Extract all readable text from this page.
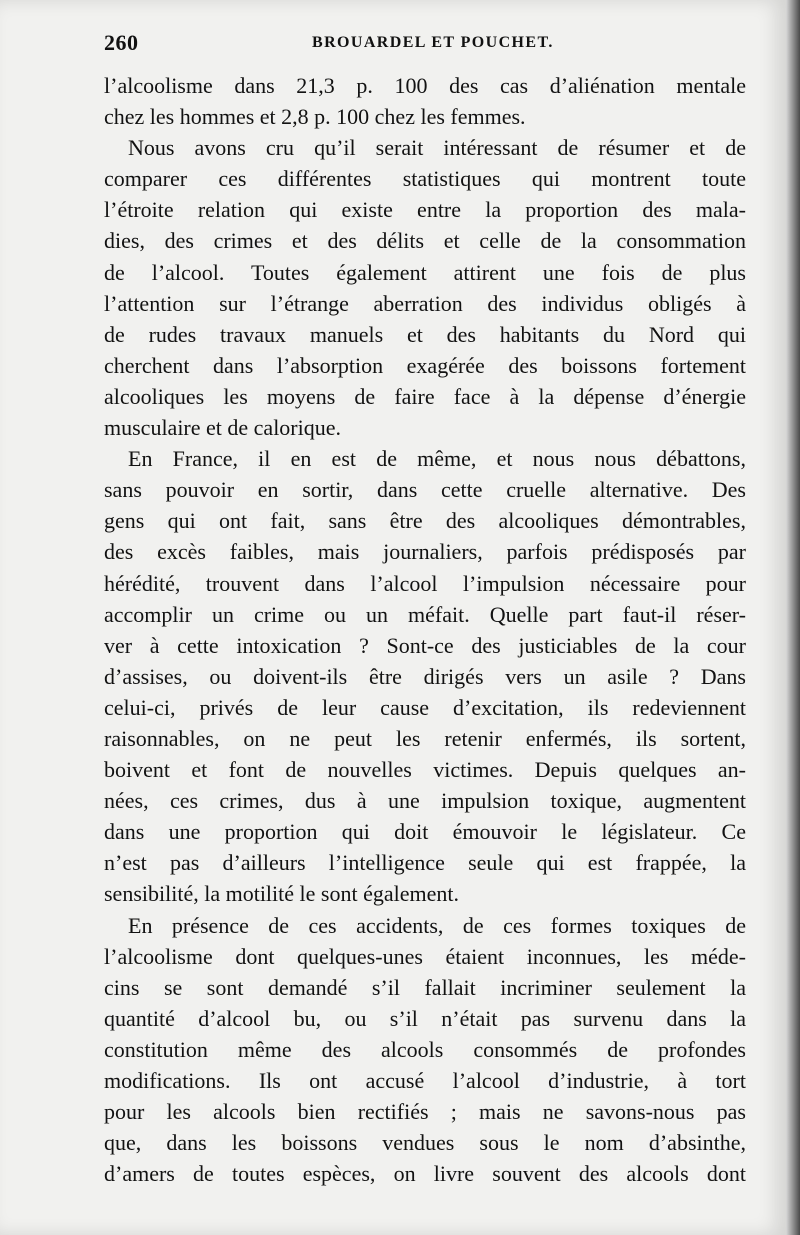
260	BROUARDEL ET POUCHET.
l’alcoolisme dans 21,3 p. 100 des cas d’aliénation mentale
chez les hommes et 2,8 p. 100 chez les femmes.
Nous avons cru qu’il serait intéressant de résumer et de
comparer ces différentes statistiques qui montrent toute
l’étroite relation qui existe entre la proportion des mala-
dies, des crimes et des délits et celle de la consommation
de l’alcool. Toutes également attirent une fois de plus
l’attention sur l’étrange aberration des individus obligés à
de rudes travaux manuels et des habitants du Nord qui
cherchent dans l’absorption exagérée des boissons fortement
alcooliques les moyens de faire face à la dépense d’énergie
musculaire et de calorique.
En France, il en est de même, et nous nous débattons,
sans pouvoir en sortir, dans cette cruelle alternative. Des
gens qui ont fait, sans être des alcooliques démontrables,
des excès faibles, mais journaliers, parfois prédisposés par
hérédité, trouvent dans l’alcool l’impulsion nécessaire pour
accomplir un crime ou un méfait. Quelle part faut-il réser-
ver à cette intoxication ? Sont-ce des justiciables de la cour
d’assises, ou doivent-ils être dirigés vers un asile ? Dans
celui-ci, privés de leur cause d’excitation, ils redeviennent
raisonnables, on ne peut les retenir enfermés, ils sortent,
boivent et font de nouvelles victimes. Depuis quelques an-
nées, ces crimes, dus à une impulsion toxique, augmentent
dans une proportion qui doit émouvoir le législateur. Ce
n’est pas d’ailleurs l’intelligence seule qui est frappée, la
sensibilité, la motilité le sont également.
En présence de ces accidents, de ces formes toxiques de
l’alcoolisme dont quelques-unes étaient inconnues, les méde-
cins se sont demandé s’il fallait incriminer seulement la
quantité d’alcool bu, ou s’il n’était pas survenu dans la
constitution même des alcools consommés de profondes
modifications. Ils ont accusé l’alcool d’industrie, à tort
pour les alcools bien rectifiés ; mais ne savons-nous pas
que, dans les boissons vendues sous le nom d’absinthe,
d’amers de toutes espèces, on livre souvent des alcools dont
